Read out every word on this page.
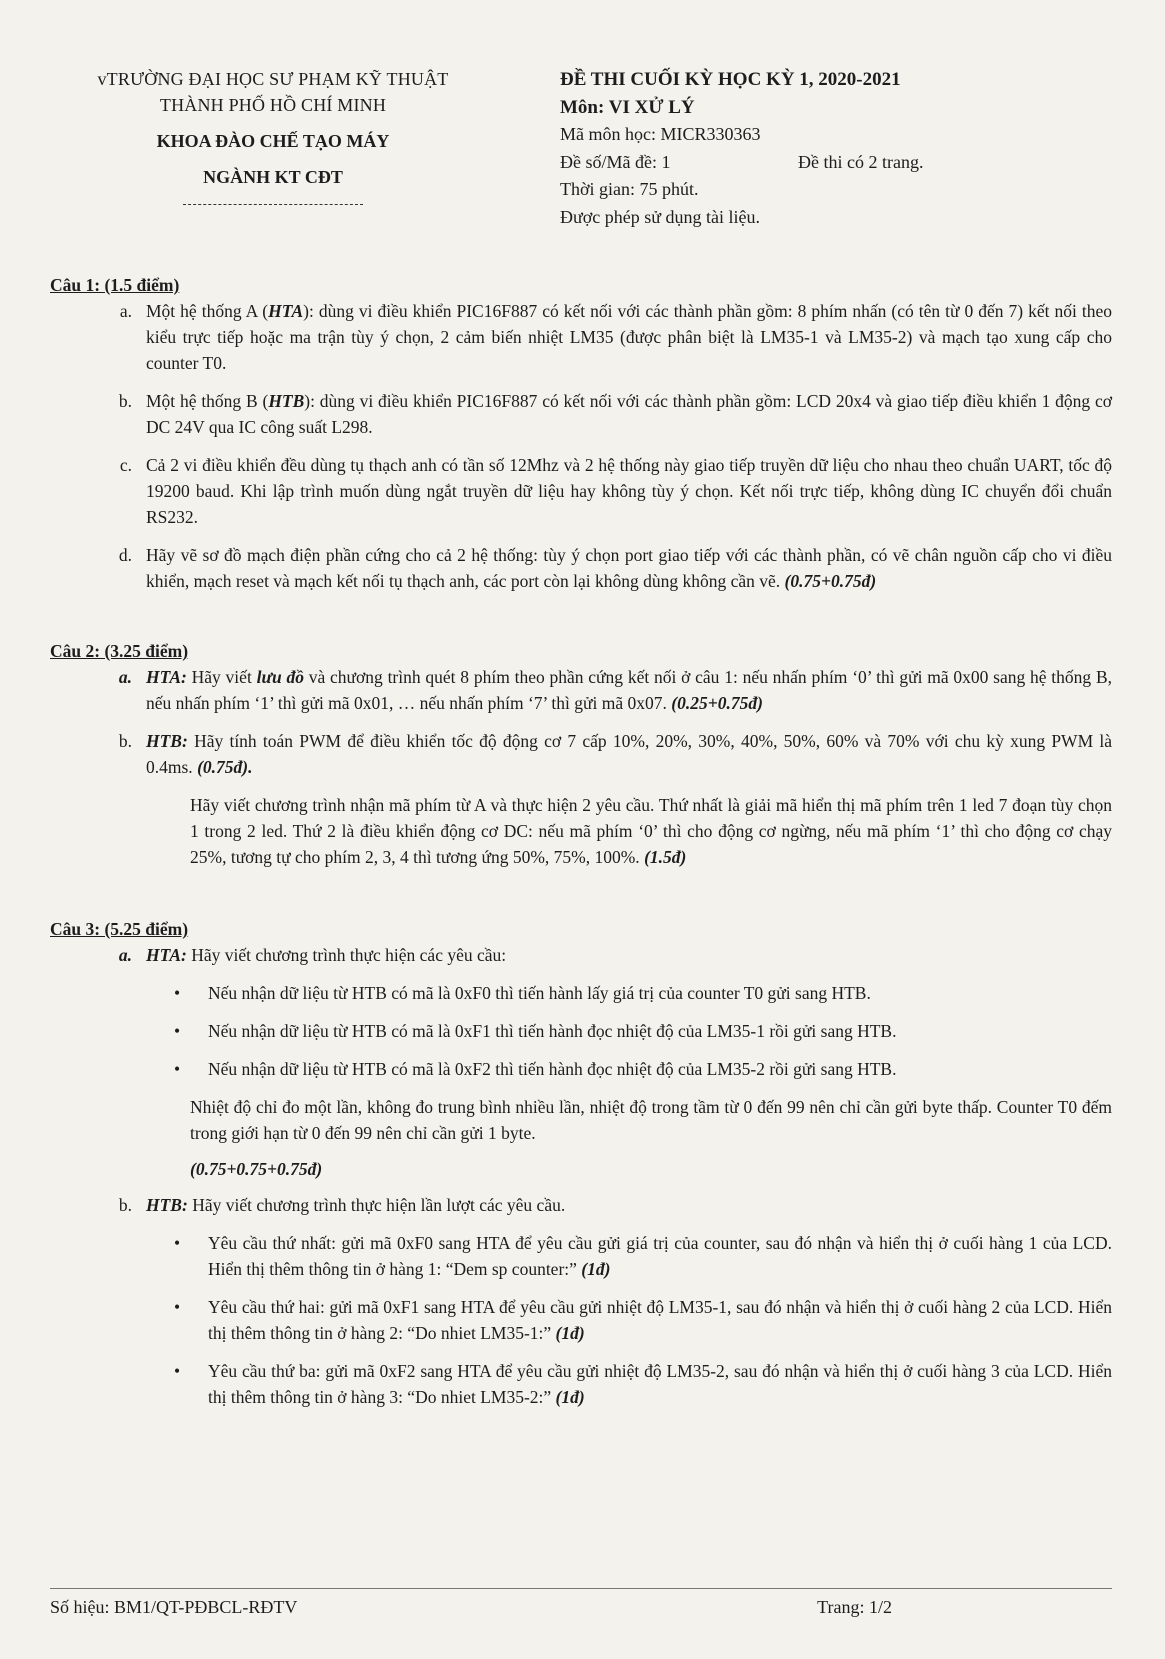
vTRƯỜNG ĐẠI HỌC SƯ PHẠM KỸ THUẬT
THÀNH PHỐ HỒ CHÍ MINH
KHOA ĐÀO CHẾ TẠO MÁY
NGÀNH KT CĐT
ĐỀ THI CUỐI KỲ HỌC KỲ 1, 2020-2021
Môn: VI XỬ LÝ
Mã môn học: MICR330363
Đề số/Mã đề: 1	Đề thi có 2 trang.
Thời gian: 75 phút.
Được phép sử dụng tài liệu.
Câu 1: (1.5 điểm)
a. Một hệ thống A (HTA): dùng vi điều khiển PIC16F887 có kết nối với các thành phần gồm: 8 phím nhấn (có tên từ 0 đến 7) kết nối theo kiểu trực tiếp hoặc ma trận tùy ý chọn, 2 cảm biến nhiệt LM35 (được phân biệt là LM35-1 và LM35-2) và mạch tạo xung cấp cho counter T0.
b. Một hệ thống B (HTB): dùng vi điều khiển PIC16F887 có kết nối với các thành phần gồm: LCD 20x4 và giao tiếp điều khiển 1 động cơ DC 24V qua IC công suất L298.
c. Cả 2 vi điều khiển đều dùng tụ thạch anh có tần số 12Mhz và 2 hệ thống này giao tiếp truyền dữ liệu cho nhau theo chuẩn UART, tốc độ 19200 baud. Khi lập trình muốn dùng ngắt truyền dữ liệu hay không tùy ý chọn. Kết nối trực tiếp, không dùng IC chuyển đổi chuẩn RS232.
d. Hãy vẽ sơ đồ mạch điện phần cứng cho cả 2 hệ thống: tùy ý chọn port giao tiếp với các thành phần, có vẽ chân nguồn cấp cho vi điều khiển, mạch reset và mạch kết nối tụ thạch anh, các port còn lại không dùng không cần vẽ. (0.75+0.75đ)
Câu 2: (3.25 điểm)
a. HTA: Hãy viết lưu đồ và chương trình quét 8 phím theo phần cứng kết nối ở câu 1: nếu nhấn phím ‘0’ thì gửi mã 0x00 sang hệ thống B, nếu nhấn phím ‘1’ thì gửi mã 0x01, … nếu nhấn phím ‘7’ thì gửi mã 0x07. (0.25+0.75đ)
b. HTB: Hãy tính toán PWM để điều khiển tốc độ động cơ 7 cấp 10%, 20%, 30%, 40%, 50%, 60% và 70% với chu kỳ xung PWM là 0.4ms. (0.75đ).
Hãy viết chương trình nhận mã phím từ A và thực hiện 2 yêu cầu. Thứ nhất là giải mã hiển thị mã phím trên 1 led 7 đoạn tùy chọn 1 trong 2 led. Thứ 2 là điều khiển động cơ DC: nếu mã phím ‘0’ thì cho động cơ ngừng, nếu mã phím ‘1’ thì cho động cơ chạy 25%, tương tự cho phím 2, 3, 4 thì tương ứng 50%, 75%, 100%. (1.5đ)
Câu 3: (5.25 điểm)
a. HTA: Hãy viết chương trình thực hiện các yêu cầu:
•	Nếu nhận dữ liệu từ HTB có mã là 0xF0 thì tiến hành lấy giá trị của counter T0 gửi sang HTB.
•	Nếu nhận dữ liệu từ HTB có mã là 0xF1 thì tiến hành đọc nhiệt độ của LM35-1 rồi gửi sang HTB.
•	Nếu nhận dữ liệu từ HTB có mã là 0xF2 thì tiến hành đọc nhiệt độ của LM35-2 rồi gửi sang HTB.
Nhiệt độ chỉ đo một lần, không đo trung bình nhiều lần, nhiệt độ trong tầm từ 0 đến 99 nên chỉ cần gửi byte thấp. Counter T0 đếm trong giới hạn từ 0 đến 99 nên chỉ cần gửi 1 byte.
(0.75+0.75+0.75đ)
b. HTB: Hãy viết chương trình thực hiện lần lượt các yêu cầu.
•	Yêu cầu thứ nhất: gửi mã 0xF0 sang HTA để yêu cầu gửi giá trị của counter, sau đó nhận và hiển thị ở cuối hàng 1 của LCD. Hiển thị thêm thông tin ở hàng 1: “Dem sp counter:” (1đ)
•	Yêu cầu thứ hai: gửi mã 0xF1 sang HTA để yêu cầu gửi nhiệt độ LM35-1, sau đó nhận và hiển thị ở cuối hàng 2 của LCD. Hiển thị thêm thông tin ở hàng 2: “Do nhiet LM35-1:” (1đ)
•	Yêu cầu thứ ba: gửi mã 0xF2 sang HTA để yêu cầu gửi nhiệt độ LM35-2, sau đó nhận và hiển thị ở cuối hàng 3 của LCD. Hiển thị thêm thông tin ở hàng 3: “Do nhiet LM35-2:” (1đ)
Số hiệu: BM1/QT-PĐBCL-RĐTV	Trang: 1/2
